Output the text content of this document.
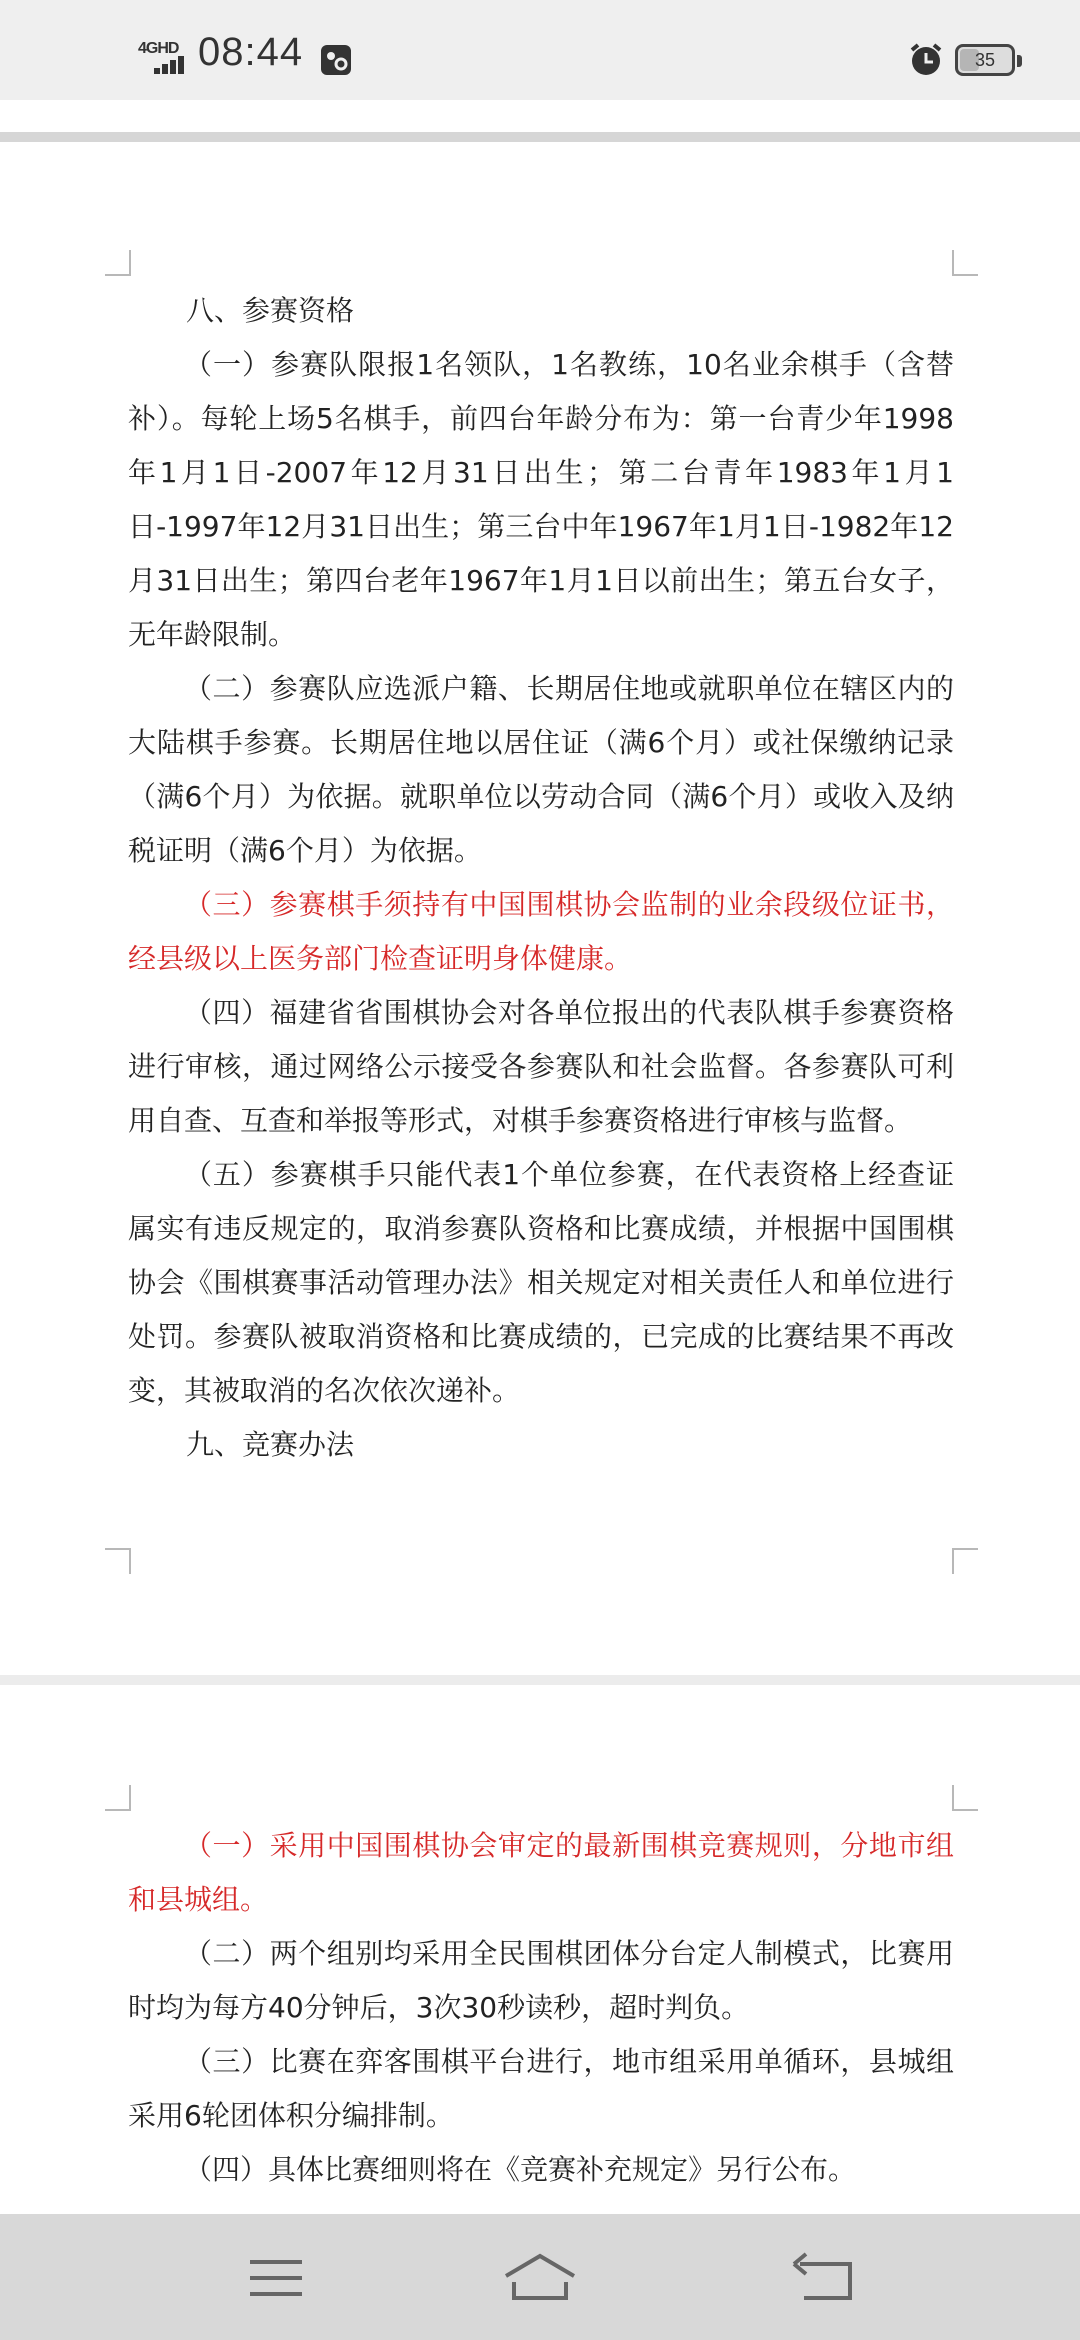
4GHD 08:44	35

八、参赛资格

（一）参赛队限报1名领队，1名教练，10名业余棋手（含替补）。每轮上场5名棋手，前四台年龄分布为：第一台青少年1998年1月1日-2007年12月31日出生；第二台青年1983年1月1日-1997年12月31日出生；第三台中年1967年1月1日-1982年12月31日出生；第四台老年1967年1月1日以前出生；第五台女子，无年龄限制。

（二）参赛队应选派户籍、长期居住地或就职单位在辖区内的大陆棋手参赛。长期居住地以居住证（满6个月）或社保缴纳记录（满6个月）为依据。就职单位以劳动合同（满6个月）或收入及纳税证明（满6个月）为依据。

（三）参赛棋手须持有中国围棋协会监制的业余段级位证书，经县级以上医务部门检查证明身体健康。

（四）福建省省围棋协会对各单位报出的代表队棋手参赛资格进行审核，通过网络公示接受各参赛队和社会监督。各参赛队可利用自查、互查和举报等形式，对棋手参赛资格进行审核与监督。

（五）参赛棋手只能代表1个单位参赛，在代表资格上经查证属实有违反规定的，取消参赛队资格和比赛成绩，并根据中国围棋协会《围棋赛事活动管理办法》相关规定对相关责任人和单位进行处罚。参赛队被取消资格和比赛成绩的，已完成的比赛结果不再改变，其被取消的名次依次递补。

九、竞赛办法

（一）采用中国围棋协会审定的最新围棋竞赛规则，分地市组和县城组。

（二）两个组别均采用全民围棋团体分台定人制模式，比赛用时均为每方40分钟后，3次30秒读秒，超时判负。

（三）比赛在弈客围棋平台进行，地市组采用单循环，县城组采用6轮团体积分编排制。

（四）具体比赛细则将在《竞赛补充规定》另行公布。
